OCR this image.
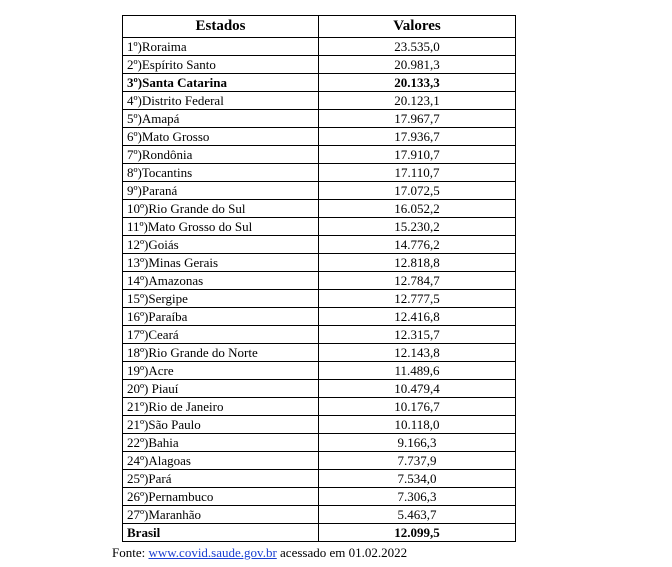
Estados	Valores
1º)Roraima	23.535,0
2º)Espírito Santo	20.981,3
3º)Santa Catarina	20.133,3
4º)Distrito Federal	20.123,1
5º)Amapá	17.967,7
6º)Mato Grosso	17.936,7
7º)Rondônia	17.910,7
8º)Tocantins	17.110,7
9º)Paraná	17.072,5
10º)Rio Grande do Sul	16.052,2
11º)Mato Grosso do Sul	15.230,2
12º)Goiás	14.776,2
13º)Minas Gerais	12.818,8
14º)Amazonas	12.784,7
15º)Sergipe	12.777,5
16º)Paraíba	12.416,8
17º)Ceará	12.315,7
18º)Rio Grande do Norte	12.143,8
19º)Acre	11.489,6
20º) Piauí	10.479,4
21º)Rio de Janeiro	10.176,7
21º)São Paulo	10.118,0
22º)Bahia	9.166,3
24º)Alagoas	7.737,9
25º)Pará	7.534,0
26º)Pernambuco	7.306,3
27º)Maranhão	5.463,7
Brasil	12.099,5
Fonte: www.covid.saude.gov.br acessado em 01.02.2022
